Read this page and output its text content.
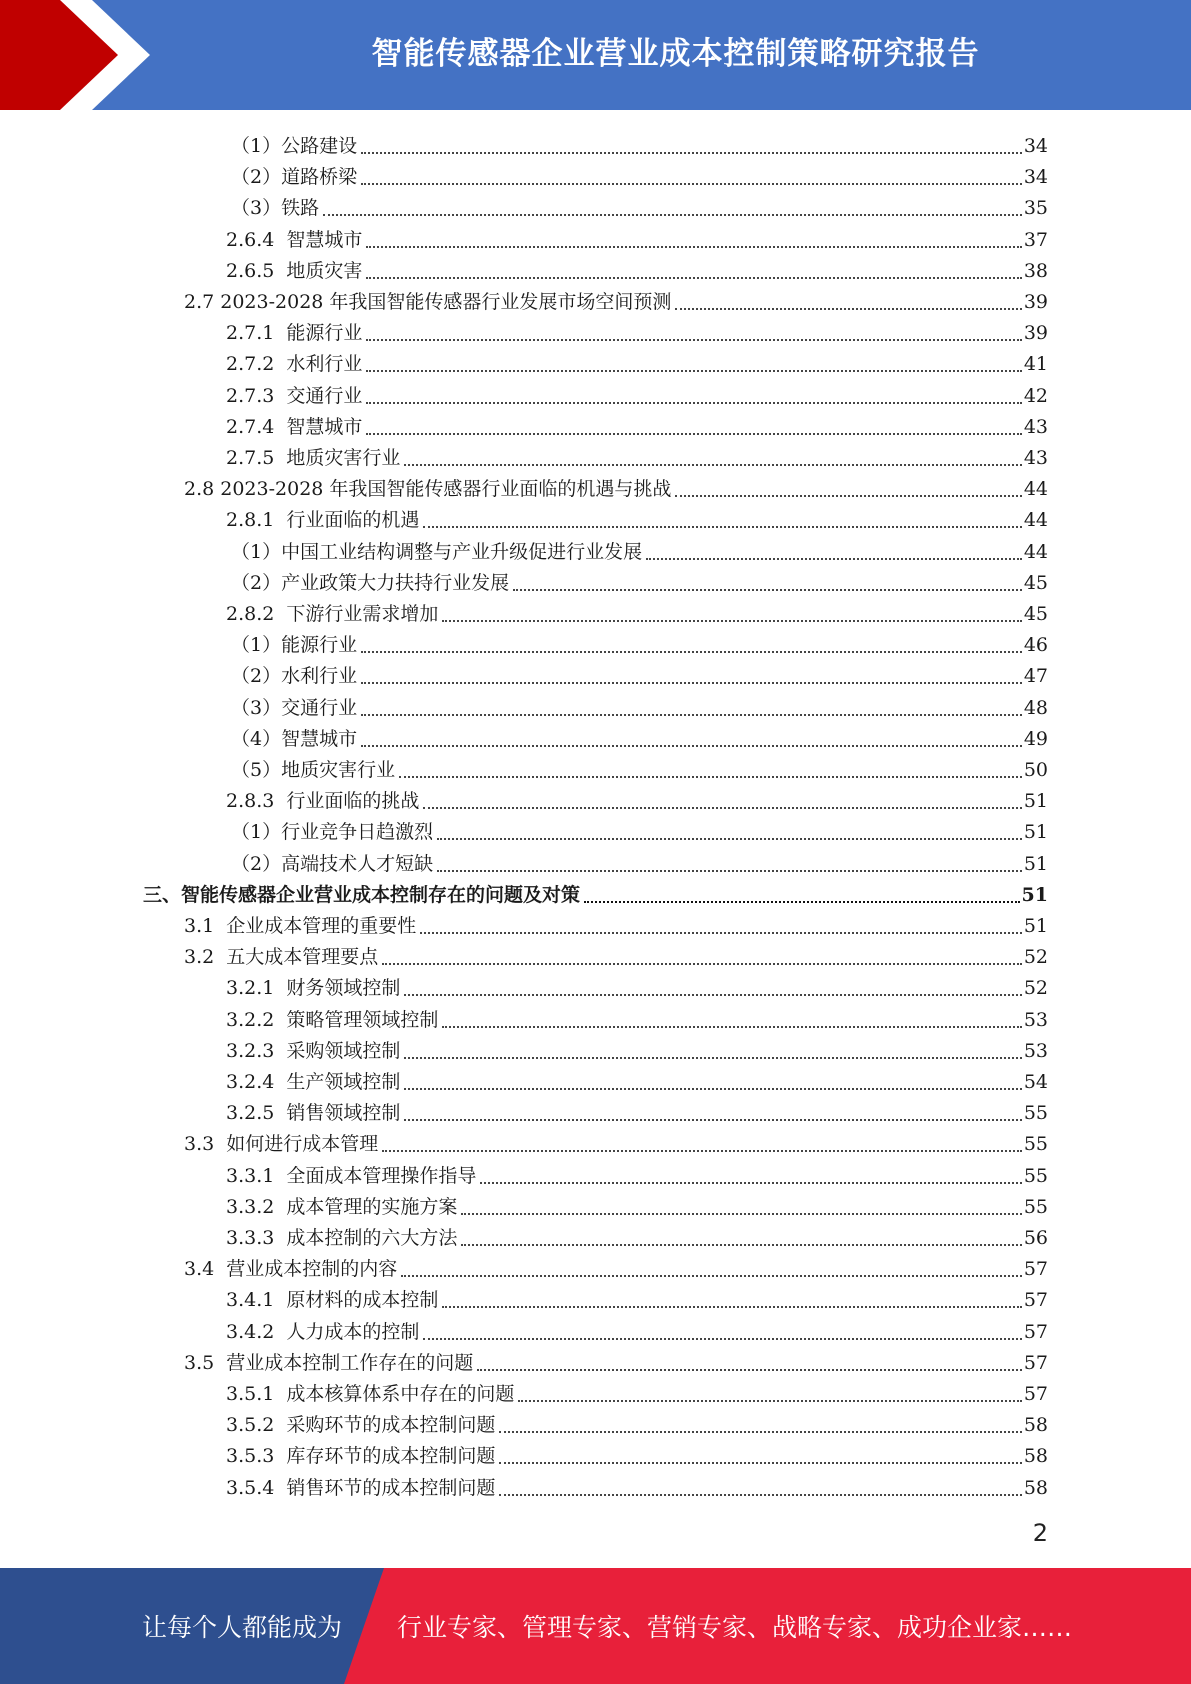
智能传感器企业营业成本控制策略研究报告
（1）公路建设	34
（2）道路桥梁	34
（3）铁路	35
2.6.4  智慧城市	37
2.6.5  地质灾害	38
2.7 2023-2028 年我国智能传感器行业发展市场空间预测	39
2.7.1  能源行业	39
2.7.2  水利行业	41
2.7.3  交通行业	42
2.7.4  智慧城市	43
2.7.5  地质灾害行业	43
2.8 2023-2028 年我国智能传感器行业面临的机遇与挑战	44
2.8.1  行业面临的机遇	44
（1）中国工业结构调整与产业升级促进行业发展	44
（2）产业政策大力扶持行业发展	45
2.8.2  下游行业需求增加	45
（1）能源行业	46
（2）水利行业	47
（3）交通行业	48
（4）智慧城市	49
（5）地质灾害行业	50
2.8.3  行业面临的挑战	51
（1）行业竞争日趋激烈	51
（2）高端技术人才短缺	51
三、智能传感器企业营业成本控制存在的问题及对策	51
3.1  企业成本管理的重要性	51
3.2  五大成本管理要点	52
3.2.1  财务领域控制	52
3.2.2  策略管理领域控制	53
3.2.3  采购领域控制	53
3.2.4  生产领域控制	54
3.2.5  销售领域控制	55
3.3  如何进行成本管理	55
3.3.1  全面成本管理操作指导	55
3.3.2  成本管理的实施方案	55
3.3.3  成本控制的六大方法	56
3.4  营业成本控制的内容	57
3.4.1  原材料的成本控制	57
3.4.2  人力成本的控制	57
3.5  营业成本控制工作存在的问题	57
3.5.1  成本核算体系中存在的问题	57
3.5.2  采购环节的成本控制问题	58
3.5.3  库存环节的成本控制问题	58
3.5.4  销售环节的成本控制问题	58
2
让每个人都能成为 行业专家、管理专家、营销专家、战略专家、成功企业家……
